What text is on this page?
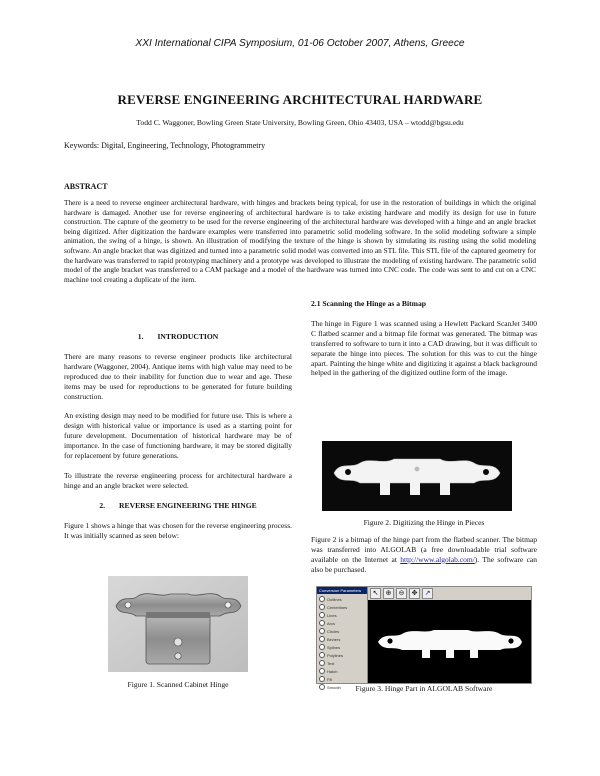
XXI International CIPA Symposium, 01-06 October 2007, Athens, Greece
REVERSE ENGINEERING ARCHITECTURAL HARDWARE
Todd C. Waggoner, Bowling Green State University, Bowling Green, Ohio 43403, USA – wtodd@bgsu.edu
Keywords: Digital, Engineering, Technology, Photogrammetry
ABSTRACT
There is a need to reverse engineer architectural hardware, with hinges and brackets being typical, for use in the restoration of buildings in which the original hardware is damaged. Another use for reverse engineering of architectural hardware is to take existing hardware and modify its design for use in future construction. The capture of the geometry to be used for the reverse engineering of the architectural hardware was developed with a hinge and an angle bracket being digitized. After digitization the hardware examples were transferred into parametric solid modeling software. In the solid modeling software a simple animation, the swing of a hinge, is shown. An illustration of modifying the texture of the hinge is shown by simulating its rusting using the solid modeling software. An angle bracket that was digitized and turned into a parametric solid model was converted into an STL file. This STL file of the captured geometry for the hardware was transferred to rapid prototyping machinery and a prototype was developed to illustrate the modeling of existing hardware. The parametric solid model of the angle bracket was transferred to a CAM package and a model of the hardware was turned into CNC code. The code was sent to and cut on a CNC machine tool creating a duplicate of the item.
1. INTRODUCTION

There are many reasons to reverse engineer products like architectural hardware (Waggoner, 2004). Antique items with high value may need to be reproduced due to their inability for function due to wear and age. These items may be used for reproductions to be generated for future building construction.

An existing design may need to be modified for future use. This is where a design with historical value or importance is used as a starting point for future development. Documentation of historical hardware may be of importance. In the case of functioning hardware, it may be stored digitally for replacement by future generations.

To illustrate the reverse engineering process for architectural hardware a hinge and an angle bracket were selected.

2. REVERSE ENGINEERING THE HINGE

Figure 1 shows a hinge that was chosen for the reverse engineering process. It was initially scanned as seen below:

Figure 1. Scanned Cabinet Hinge
2.1 Scanning the Hinge as a Bitmap

The hinge in Figure 1 was scanned using a Hewlett Packard ScanJet 3400 C flatbed scanner and a bitmap file format was generated. The bitmap was transferred to software to turn it into a CAD drawing, but it was difficult to separate the hinge into pieces. The solution for this was to cut the hinge apart. Painting the hinge white and digitizing it against a black background helped in the gathering of the digitized outline form of the image.

Figure 2. Digitizing the Hinge in Pieces
Figure 2 is a bitmap of the hinge part from the flatbed scanner. The bitmap was transferred into ALGOLAB (a free downloadable trial software available on the Internet at http://www.algolab.com/). The software can also be purchased.
Conversion Parameters
Outlines
Centerlines
Lines
Arcs
Circles
Beziers
Splines
Polylines
Text
Hatch
Fill
Smooth
↖	⊕	⊖	✥	↗
Figure 3. Hinge Part in ALGOLAB Software
